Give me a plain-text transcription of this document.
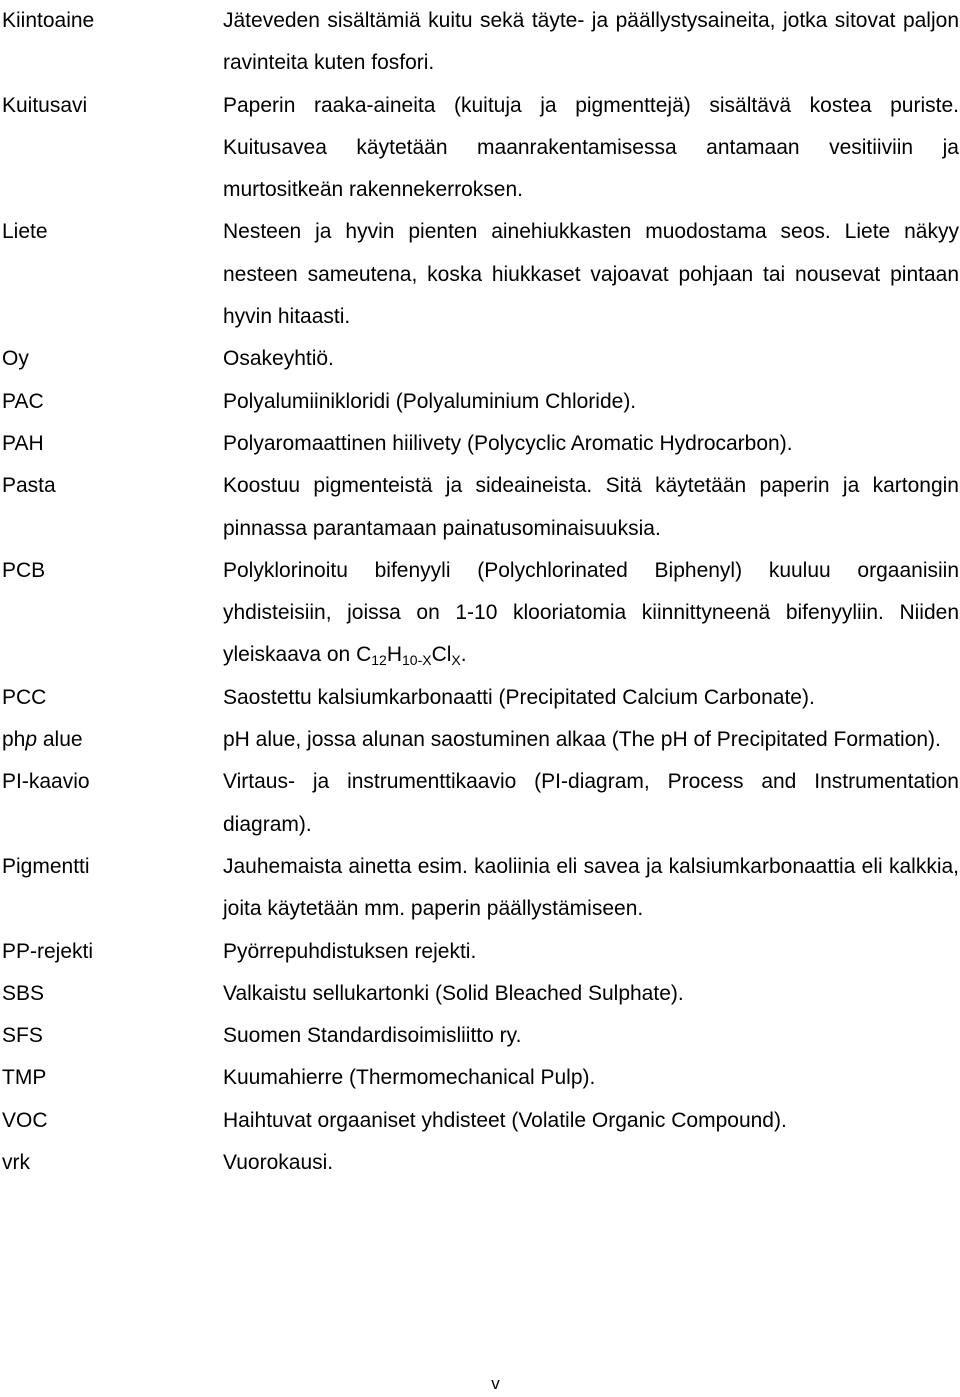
Kiintoaine	Jäteveden sisältämiä kuitu sekä täyte- ja päällystysaineita, jotka sitovat paljon ravinteita kuten fosfori.
Kuitusavi	Paperin raaka-aineita (kuituja ja pigmenttejä) sisältävä kostea puriste. Kuitusavea käytetään maanrakentamisessa antamaan vesitiiviin ja murtositkeän rakennekerroksen.
Liete	Nesteen ja hyvin pienten ainehiukkasten muodostama seos. Liete näkyy nesteen sameutena, koska hiukkaset vajoavat pohjaan tai nousevat pintaan hyvin hitaasti.
Oy	Osakeyhtiö.
PAC	Polyalumiinikloridi (Polyaluminium Chloride).
PAH	Polyaromaattinen hiilivety (Polycyclic Aromatic Hydrocarbon).
Pasta	Koostuu pigmenteistä ja sideaineista. Sitä käytetään paperin ja kartongin pinnassa parantamaan painatusominaisuuksia.
PCB	Polyklorinoitu bifenyyli (Polychlorinated Biphenyl) kuuluu orgaanisiin yhdisteisiin, joissa on 1-10 klooriatomia kiinnittyneenä bifenyyliin. Niiden yleiskaava on $C_{12}H_{10-X}Cl_X$.
PCC	Saostettu kalsiumkarbonaatti (Precipitated Calcium Carbonate).
php alue	pH alue, jossa alunan saostuminen alkaa (The pH of Precipitated Formation).
PI-kaavio	Virtaus- ja instrumenttikaavio (PI-diagram, Process and Instrumentation diagram).
Pigmentti	Jauhemaista ainetta esim. kaoliinia eli savea ja kalsiumkarbonaattia eli kalkkia, joita käytetään mm. paperin päällystämiseen.
PP-rejekti	Pyörrepuhdistuksen rejekti.
SBS	Valkaistu sellukartonki (Solid Bleached Sulphate).
SFS	Suomen Standardisoimisliitto ry.
TMP	Kuumahierre (Thermomechanical Pulp).
VOC	Haihtuvat orgaaniset yhdisteet (Volatile Organic Compound).
vrk	Vuorokausi.
v
